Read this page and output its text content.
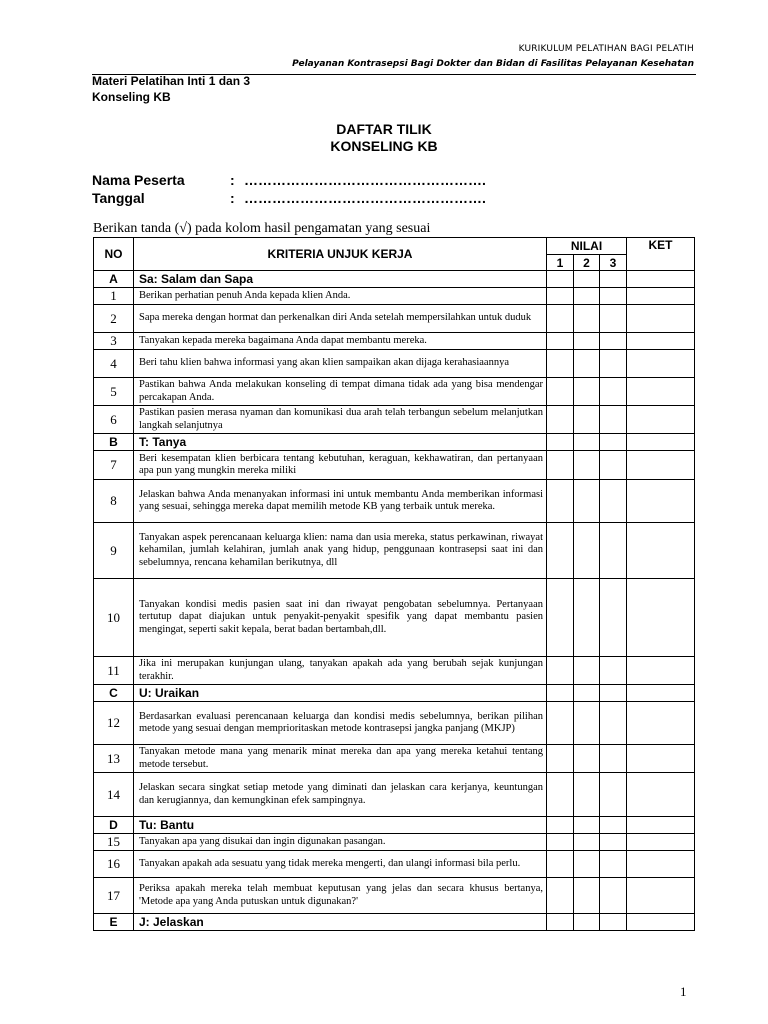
KURIKULUM PELATIHAN BAGI PELATIH
Pelayanan Kontrasepsi Bagi Dokter dan Bidan di Fasilitas Pelayanan Kesehatan
Materi Pelatihan Inti 1 dan 3
Konseling KB
DAFTAR TILIK
KONSELING KB
Nama Peserta	: …………………………………………….
Tanggal	: …………………………………………….
Berikan tanda (√) pada kolom hasil pengamatan yang sesuai
NO	KRITERIA UNJUK KERJA	NILAI			KET
		1	2	3	
A	Sa: Salam dan Sapa				
1	Berikan perhatian penuh Anda kepada klien Anda.				
2	Sapa mereka dengan hormat dan perkenalkan diri Anda setelah mempersilahkan untuk duduk				
3	Tanyakan kepada mereka bagaimana Anda dapat membantu mereka.				
4	Beri tahu klien bahwa informasi yang akan klien sampaikan akan dijaga kerahasiaannya				
5	Pastikan bahwa Anda melakukan konseling di tempat dimana tidak ada yang bisa mendengar percakapan Anda.				
6	Pastikan pasien merasa nyaman dan komunikasi dua arah telah terbangun sebelum melanjutkan langkah selanjutnya				
B	T: Tanya				
7	Beri kesempatan klien berbicara tentang kebutuhan, keraguan, kekhawatiran, dan pertanyaan apa pun yang mungkin mereka miliki				
8	Jelaskan bahwa Anda menanyakan informasi ini untuk membantu Anda memberikan informasi yang sesuai, sehingga mereka dapat memilih metode KB yang terbaik untuk mereka.				
9	Tanyakan aspek perencanaan keluarga klien: nama dan usia mereka, status perkawinan, riwayat kehamilan, jumlah kelahiran, jumlah anak yang hidup, penggunaan kontrasepsi saat ini dan sebelumnya, rencana kehamilan berikutnya, dll				
10	Tanyakan kondisi medis pasien saat ini dan riwayat pengobatan sebelumnya. Pertanyaan tertutup dapat diajukan untuk penyakit-penyakit spesifik yang dapat membantu pasien mengingat, seperti sakit kepala, berat badan bertambah,dll.				
11	Jika ini merupakan kunjungan ulang, tanyakan apakah ada yang berubah sejak kunjungan terakhir.				
C	U: Uraikan				
12	Berdasarkan evaluasi perencanaan keluarga dan kondisi medis sebelumnya, berikan pilihan metode yang sesuai dengan memprioritaskan metode kontrasepsi jangka panjang (MKJP)				
13	Tanyakan metode mana yang menarik minat mereka dan apa yang mereka ketahui tentang metode tersebut.				
14	Jelaskan secara singkat setiap metode yang diminati dan jelaskan cara kerjanya, keuntungan dan kerugiannya, dan kemungkinan efek sampingnya.				
D	Tu: Bantu				
15	Tanyakan apa yang disukai dan ingin digunakan pasangan.				
16	Tanyakan apakah ada sesuatu yang tidak mereka mengerti, dan ulangi informasi bila perlu.				
17	Periksa apakah mereka telah membuat keputusan yang jelas dan secara khusus bertanya, 'Metode apa yang Anda putuskan untuk digunakan?'				
E	J: Jelaskan				
1
